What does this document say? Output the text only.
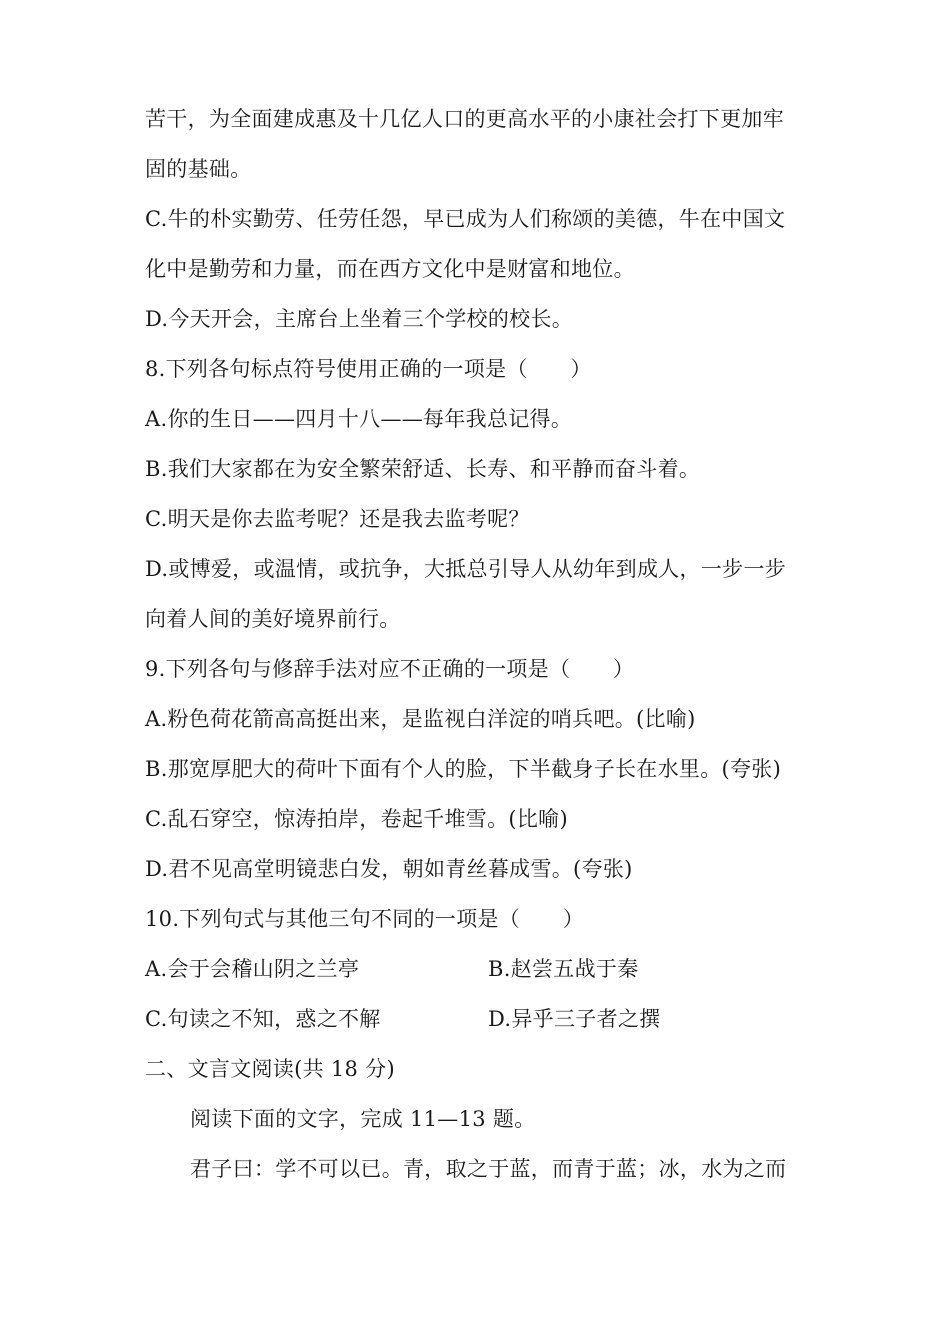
苦干，为全面建成惠及十几亿人口的更高水平的小康社会打下更加牢
固的基础。
C.牛的朴实勤劳、任劳任怨，早已成为人们称颂的美德，牛在中国文
化中是勤劳和力量，而在西方文化中是财富和地位。
D.今天开会，主席台上坐着三个学校的校长。
8.下列各句标点符号使用正确的一项是（　　）
A.你的生日——四月十八——每年我总记得。
B.我们大家都在为安全繁荣舒适、长寿、和平静而奋斗着。
C.明天是你去监考呢？还是我去监考呢？
D.或博爱，或温情，或抗争，大抵总引导人从幼年到成人，一步一步
向着人间的美好境界前行。
9.下列各句与修辞手法对应不正确的一项是（　　）
A.粉色荷花箭高高挺出来，是监视白洋淀的哨兵吧。(比喻)
B.那宽厚肥大的荷叶下面有个人的脸，下半截身子长在水里。(夸张)
C.乱石穿空，惊涛拍岸，卷起千堆雪。(比喻)
D.君不见高堂明镜悲白发，朝如青丝暮成雪。(夸张)
10.下列句式与其他三句不同的一项是（　　）
A.会于会稽山阴之兰亭	B.赵尝五战于秦
C.句读之不知，惑之不解	D.异乎三子者之撰
二、文言文阅读(共 18 分)
阅读下面的文字，完成 11—13 题。
君子曰：学不可以已。青，取之于蓝，而青于蓝；冰，水为之而
